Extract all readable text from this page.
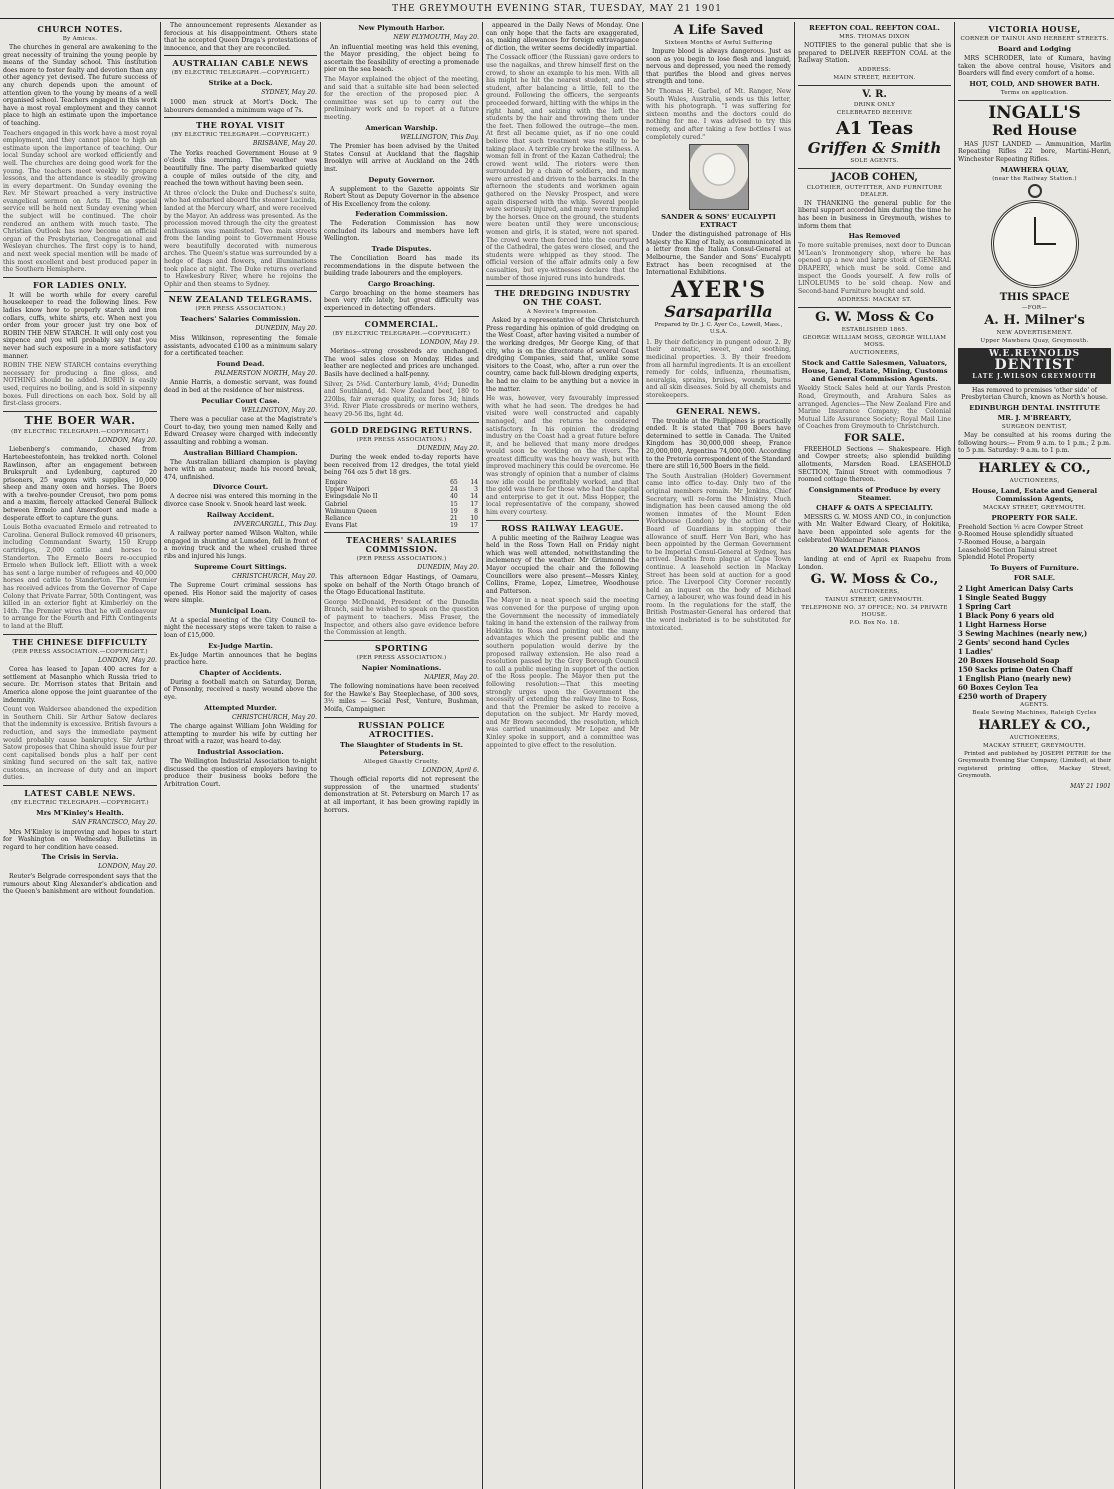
THE GREYMOUTH EVENING STAR, TUESDAY, MAY 21 1901
CHURCH NOTES.
By Amicus.

The churches in general are awakening to the great necessity of training the young people by means of the Sunday school. This institution does more to foster fealty and devotion than any other agency yet devised. The future success of any church depends upon the amount of attention given to the young by means of a well organised school. Teachers engaged in this work have a most royal employment and they cannot place to high an estimate upon the importance of teaching.

Teachers engaged in this work have a most royal employment, and they cannot place to high an estimate upon the importance of teaching. Our local Sunday school are worked efficiently and well. The churches are doing good work for the young. The teachers meet weekly to prepare lessons, and the attendance is steadily growing in every department. On Sunday evening the Rev. Mr Stewart preached a very instructive evangelical sermon on Acts II. The special service will be held next Sunday evening when the subject will be continued. The choir rendered an anthem with much taste. The Christian Outlook has now become an official organ of the Presbyterian, Congregational and Wesleyan churches. The first copy is to hand, and next week special mention will be made of this most excellent and best produced paper in the Southern Hemisphere.

FOR LADIES ONLY.

It will be worth while for every careful housekeeper to read the following lines. Few ladies know how to properly starch and iron collars, cuffs, white shirts, etc. When next you order from your grocer just try one box of ROBIN THE NEW STARCH. It will only cost you sixpence and you will probably say that you never had such exposure in a more satisfactory manner.

ROBIN THE NEW STARCH contains everything necessary for producing a fine gloss, and NOTHING should be added. ROBIN is easily used, requires no boiling, and is sold in sixpenny boxes. Full directions on each box. Sold by all first-class grocers.

THE BOER WAR.
(BY ELECTRIC TELEGRAPH.—COPYRIGHT.)

LONDON, May 20.

Liebenberg's commando, chased from Hartebeestefontein, has trekked north. Colonel Rawlinson, after an engagement between Bruksprult and Lydenburg, captured 20 prisoners, 25 wagons with supplies, 10,000 sheep and many oxen and horses. The Boers with a twelve-pounder Creusot, two pom poms and a maxim, fiercely attacked General Bullock between Ermelo and Amersfoort and made a desperate effort to capture the guns.

Louis Botha evacuated Ermelo and retreated to Carolina. General Bullock removed 40 prisoners, including Commandant Swarty, 150 Krupp cartridges, 2,000 cattle and horses to Standerton. The Ermelo Boers re-occupied Ermelo when Bullock left. Elliott with a week has sent a large number of refugees and 40,000 horses and cattle to Standerton. The Premier has received advices from the Governor of Cape Colony that Private Farrar, 50th Contingent, was killed in an exterior fight at Kimberley on the 14th. The Premier wires that he will endeavour to arrange for the Fourth and Fifth Contingents to land at the Bluff.

THE CHINESE DIFFICULTY
(PER PRESS ASSOCIATION.—COPYRIGHT.)

LONDON, May 20.

Corea has leased to Japan 400 acres for a settlement at Masanpho which Russia tried to secure. Dr. Morrison states that Britain and America alone oppose the joint guarantee of the indemnity.

Count von Waldersee abandoned the expedition in Southern Chili. Sir Arthur Satow declares that the indemnity is excessive. British favours a reduction, and says the immediate payment would probably cause bankruptcy. Sir Arthur Satow proposes that China should issue four per cent capitalised bonds plus a half per cent sinking fund secured on the salt tax, native customs, an increase of duty and an import duties.

LATEST CABLE NEWS.
(BY ELECTRIC TELEGRAPH.—COPYRIGHT.)
Mrs M'Kinley's Health.

SAN FRANCISCO, May 20.

Mrs M'Kinley is improving and hopes to start for Washington on Wednesday. Bulletins in regard to her condition have ceased.

The Crisis in Servia.

LONDON, May 20.

Reuter's Belgrade correspondent says that the rumours about King Alexander's abdication and the Queen's banishment are without foundation.

The announcement represents Alexander as ferocious at his disappointment. Others state that he accepted Queen Draga's protestations of innocence, and that they are reconciled.

AUSTRALIAN CABLE NEWS
(BY ELECTRIC TELEGRAPH.—COPYRIGHT.)
Strike at a Dock.

SYDNEY, May 20.

1000 men struck at Mort's Dock. The labourers demanded a minimum wage of 7s.

THE ROYAL VISIT
(BY ELECTRIC TELEGRAPH.—COPYRIGHT.)

BRISBANE, May 20.

The Yorks reached Government House at 9 o'clock this morning. The weather was beautifully fine. The party disembarked quietly a couple of miles outside of the city, and reached the town without having been seen.

At three o'clock the Duke and Duchess's suite, who had embarked aboard the steamer Lucinda, landed at the Mercury wharf, and were received by the Mayor. An address was presented. As the procession moved through the city the greatest enthusiasm was manifested. Two main streets from the landing point to Government House were beautifully decorated with numerous arches. The Queen's statue was surrounded by a hedge of flags and flowers, and illuminations took place at night. The Duke returns overland to Hawkesbury River, where he rejoins the Ophir and then steams to Sydney.

NEW ZEALAND TELEGRAMS.
(PER PRESS ASSOCIATION.)
Teachers' Salaries Commission.

DUNEDIN, May 20.

Miss Wilkinson, representing the female assistants, advocated £100 as a minimum salary for a certificated teacher.

Found Dead.

PALMERSTON NORTH, May 20.

Annie Harris, a domestic servant, was found dead in bed at the residence of her mistress.

Peculiar Court Case.

WELLINGTON, May 20.

There was a peculiar case at the Magistrate's Court to-day, two young men named Kelly and Edward Creasey were charged with indecently assaulting and robbing a woman.

Australian Billiard Champion.

The Australian billiard champion is playing here with an amateur, made his record break, 474, unfinished.

Divorce Court.

A decree nisi was entered this morning in the divorce case Snook v. Snook heard last week.

Railway Accident.

INVERCARGILL, This Day.

A railway porter named Wilson Walton, while engaged in shunting at Lumsden, fell in front of a moving truck and the wheel crushed three ribs and injured his lungs.

Supreme Court Sittings.

CHRISTCHURCH, May 20.

The Supreme Court criminal sessions has opened. His Honor said the majority of cases were simple.

Municipal Loan.

At a special meeting of the City Council to-night the necessary steps were taken to raise a loan of £15,000.

Ex-Judge Martin.

Ex-Judge Martin announces that he begins practice here.

Chapter of Accidents.

During a football match on Saturday, Doran, of Ponsonby, received a nasty wound above the eye.

Attempted Murder.

CHRISTCHURCH, May 20.

The charge against William John Welding for attempting to murder his wife by cutting her throat with a razor, was heard to-day.

Industrial Association.

The Wellington Industrial Association to-night discussed the question of employers having to produce their business books before the Arbitration Court.

New Plymouth Harbor.

NEW PLYMOUTH, May 20.

An influential meeting was held this evening, the Mayor presiding, the object being to ascertain the feasibility of erecting a promenade pier on the sea beach.

The Mayor explained the object of the meeting, and said that a suitable site had been selected for the erection of the proposed pier. A committee was set up to carry out the preliminary work and to report at a future meeting.

American Warship.

WELLINGTON, This Day.

The Premier has been advised by the United States Consul at Auckland that the flagship Brooklyn will arrive at Auckland on the 24th inst.

Deputy Governor.

A supplement to the Gazette appoints Sir Robert Stout as Deputy Governor in the absence of His Excellency from the colony.

Federation Commission.

The Federation Commission has now concluded its labours and members have left Wellington.

Trade Disputes.

The Conciliation Board has made its recommendations in the dispute between the building trade labourers and the employers.

Cargo Broaching.

Cargo broaching on the home steamers has been very rife lately, but great difficulty was experienced in detecting offenders.

COMMERCIAL.
(BY ELECTRIC TELEGRAPH.—COPYRIGHT.)

LONDON, May 19.

Merinos—strong crossbreds are unchanged. The wool sales close on Monday. Hides and leather are neglected and prices are unchanged. Basils have declined a half-penny.

Silver, 2s 5⅜d. Canterbury lamb, 4½d; Dunedin and Southland, 4d. New Zealand beef, 180 to 220lbs, fair average quality, ox fores 3d; hinds 3½d. River Plate crossbreds or merino wethers, heavy 29-56 lbs, light 4d.

GOLD DREDGING RETURNS.
(PER PRESS ASSOCIATION.)

DUNEDIN, May 20.

During the week ended to-day reports have been received from 12 dredges, the total yield being 764 ozs 5 dwt 18 grs.

Empire	65	14
Upper Waipori	24	3
Ewingsdale No II	40	14
Gabriel	15	17
Waimumu Queen	19	8
Reliance	21	10
Evans Flat	19	17
TEACHERS' SALARIES COMMISSION.
(PER PRESS ASSOCIATION.)

DUNEDIN, May 20.

This afternoon Edgar Hastings, of Oamaru, spoke on behalf of the North Otago branch of the Otago Educational Institute.

George McDonald, President of the Dunedin Branch, said he wished to speak on the question of payment to teachers. Miss Fraser, the Inspector, and others also gave evidence before the Commission at length.

SPORTING
(PER PRESS ASSOCIATION.)
Napier Nominations.

NAPIER, May 20.

The following nominations have been received for the Hawke's Bay Steeplechase, of 300 sovs, 3½ miles — Social Pest, Venture, Bushman, Moifa, Campaigner.

RUSSIAN POLICE ATROCITIES.
The Slaughter of Students in St. Petersburg.
Alleged Ghastly Cruelty.

LONDON, April 6.

Though official reports did not represent the suppression of the unarmed students' demonstration at St. Petersburg on March 17 as at all important, it has been growing rapidly in horrors.

appeared in the Daily News of Monday. One can only hope that the facts are exaggerated, as, making allowances for foreign extravagance of diction, the writer seems decidedly impartial.

The Cossack officer (the Russian) gave orders to use the nagaikas, and threw himself first on the crowd, to show an example to his men. With all his might he hit the nearest student, and the student, after balancing a little, fell to the ground. Following the officers, the sergeants proceeded forward, hitting with the whips in the right hand, and seizing with the left the students by the hair and throwing them under the feet. Then followed the outrage—the men. At first all became quiet, as if no one could believe that such treatment was really to be taking place. A terrible cry broke the stillness. A woman fell in front of the Kazan Cathedral; the crowd went wild. The rioters were then surrounded by a chain of soldiers, and many were arrested and driven to the barracks. In the afternoon the students and workmen again gathered on the Nevsky Prospect, and were again dispersed with the whip. Several people were seriously injured, and many were trampled by the horses. Once on the ground, the students were beaten until they were unconscious; women and girls, it is stated, were not spared. The crowd were then forced into the courtyard of the Cathedral, the gates were closed, and the students were whipped as they stood. The official version of the affair admits only a few casualties, but eye-witnesses declare that the number of those injured runs into hundreds.

THE DREDGING INDUSTRY ON THE COAST.
A Novice's Impression.

Asked by a representative of the Christchurch Press regarding his opinion of gold dredging on the West Coast, after having visited a number of the working dredges, Mr George King, of that city, who is on the directorate of several Coast dredging Companies, said that, unlike some visitors to the Coast, who, after a run over the country, came back full-blown dredging experts, he had no claim to be anything but a novice in the matter.

He was, however, very favourably impressed with what he had seen. The dredges he had visited were well constructed and capably managed, and the returns he considered satisfactory. In his opinion the dredging industry on the Coast had a great future before it, and he believed that many more dredges would soon be working on the rivers. The greatest difficulty was the heavy wash, but with improved machinery this could be overcome. He was strongly of opinion that a number of claims now idle could be profitably worked, and that the gold was there for those who had the capital and enterprise to get it out. Miss Hopper, the local representative of the company, showed him every courtesy.

ROSS RAILWAY LEAGUE.

A public meeting of the Railway League was held in the Ross Town Hall on Friday night which was well attended, notwithstanding the inclemency of the weather. Mr Grimmond the Mayor occupied the chair and the following Councillors were also present—Messrs Kinley, Collins, Frame, Lopez, Limetree, Woodhouse and Patterson.

The Mayor in a neat speech said the meeting was convened for the purpose of urging upon the Government the necessity of immediately taking in hand the extension of the railway from Hokitika to Ross and pointing out the many advantages which the present public and the southern population would derive by the proposed railway extension. He also read a resolution passed by the Grey Borough Council to call a public meeting in support of the action of the Ross people. The Mayor then put the following resolution:—That this meeting strongly urges upon the Government the necessity of extending the railway line to Ross, and that the Premier be asked to receive a deputation on the subject. Mr Hardy moved, and Mr Brown seconded, the resolution, which was carried unanimously. Mr Lopez and Mr Kinley spoke in support, and a committee was appointed to give effect to the resolution.

A Life Saved
Sixteen Months of Awful Suffering

Impure blood is always dangerous. Just as soon as you begin to lose flesh and languid, nervous and depressed, you need the remedy that purifies the blood and gives nerves strength and tone.

Mr Thomas H. Garbel, of Mt. Ranger, New South Wales, Australia, sends us this letter, with his photograph. "I was suffering for sixteen months and the doctors could do nothing for me. I was advised to try this remedy, and after taking a few bottles I was completely cured."

SANDER & SONS' EUCALYPTI EXTRACT

Under the distinguished patronage of His Majesty the King of Italy, as communicated in a letter from the Italian Consul-General at Melbourne, the Sander and Sons' Eucalypti Extract has been recognised at the International Exhibitions.

AYER'S
Sarsaparilla

Prepared by Dr. J. C. Ayer Co., Lowell, Mass., U.S.A.

1. By their deficiency in pungent odour. 2. By their aromatic, sweet, and soothing, medicinal properties. 3. By their freedom from all harmful ingredients. It is an excellent remedy for colds, influenza, rheumatism, neuralgia, sprains, bruises, wounds, burns and all skin diseases. Sold by all chemists and storekeepers.

GENERAL NEWS.

The trouble at the Philippines is practically ended. It is stated that 700 Boers have determined to settle in Canada. The United Kingdom has 30,000,000 sheep, France 20,000,000, Argentina 74,000,000. According to the Pretoria correspondent of the Standard there are still 16,500 Boers in the field.

The South Australian (Holder) Government came into office to-day. Only two of the original members remain. Mr Jenkins, Chief Secretary, will re-form the Ministry. Much indignation has been caused among the old women inmates of the Mount Eden Workhouse (London) by the action of the Board of Guardians in stopping their allowance of snuff. Herr Von Bari, who has been appointed by the German Government to be Imperial Consul-General at Sydney, has arrived. Deaths from plague at Cape Town continue. A leasehold section in Mackay Street has been sold at auction for a good price. The Liverpool City Coroner recently held an inquest on the body of Michael Carney, a labourer, who was found dead in his room. In the regulations for the staff, the British Postmaster-General has ordered that the word inebriated is to be substituted for intoxicated.

REEFTON COAL. REEFTON COAL.
MRS. THOMAS DIXON

NOTIFIES to the general public that she is prepared to DELIVER REEFTON COAL at the Railway Station.

ADDRESS:
MAIN STREET, REEFTON.
V. R.
DRINK ONLY
CELEBRATED BEEHIVE
A1 Teas
Griffen & Smith
SOLE AGENTS.
JACOB COHEN,
CLOTHIER, OUTFITTER, AND FURNITURE DEALER.

IN THANKING the general public for the liberal support accorded him during the time he has been in business in Greymouth, wishes to inform them that

Has Removed

To more suitable premises, next door to Duncan M'Lean's Ironmongery shop, where he has opened up a new and large stock of GENERAL DRAPERY, which must be sold. Come and inspect the Goods yourself. A few rolls of LINOLEUMS to be sold cheap. New and Second-hand Furniture bought and sold.

ADDRESS: MACKAY ST.
G. W. Moss & Co
ESTABLISHED 1865.
GEORGE WILLIAM MOSS, GEORGE WILLIAM MOSS.
AUCTIONEERS,
Stock and Cattle Salesmen, Valuators, House, Land, Estate, Mining, Customs and General Commission Agents.

Weekly Stock Sales held at our Yards Preston Road, Greymouth, and Arahura Sales as arranged. Agencies—The New Zealand Fire and Marine Insurance Company; the Colonial Mutual Life Assurance Society; Royal Mail Line of Coaches from Greymouth to Christchurch.

FOR SALE.

FREEHOLD Sections — Shakespeare. High and Cowper streets; also splendid building allotments, Marsden Road. LEASEHOLD SECTION, Tainui Street with commodious 7 roomed cottage thereon.

Consignments of Produce by every Steamer.
CHAFF & OATS A SPECIALITY.

MESSRS G. W. MOSS AND CO., in conjunction with Mr. Walter Edward Cleary, of Hokitika, have been appointed sole agents for the celebrated Waldemar Pianos.

20 WALDEMAR PIANOS

landing at end of April ex Ruapehu from London.

G. W. Moss & Co.,
AUCTIONEERS,
TAINUI STREET, GREYMOUTH.
TELEPHONE NO. 37 OFFICE; NO. 34 PRIVATE HOUSE.
P.O. Box No. 18.
VICTORIA HOUSE,
CORNER OF TAINUI AND HERBERT STREETS.
Board and Lodging

MRS SCHRODER, late of Kumara, having taken the above central house, Visitors and Boarders will find every comfort of a home.

HOT, COLD, AND SHOWER BATH.
Terms on application.
INGALL'S
Red House

HAS JUST LANDED — Ammunition, Marlin Repeating Rifles 22 bore, Martini-Henri, Winchester Repeating Rifles.

MAWHERA QUAY,
(near the Railway Station.)
THIS SPACE
—FOR—
A. H. Milner's
NEW ADVERTISEMENT.
Upper Mawhera Quay, Greymouth.
W.E.REYNOLDS
DENTIST
LATE J.WILSON GREYMOUTH

Has removed to premises 'other side' of Presbyterian Church, known as North's house.

EDINBURGH DENTAL INSTITUTE
MR. J. M'BREARTY,
SURGEON DENTIST,

May be consulted at his rooms during the following hours:— From 9 a.m. to 1 p.m.; 2 p.m. to 5 p.m. Saturday: 9 a.m. to 1 p.m.

HARLEY & CO.,
AUCTIONEERS,
House, Land, Estate and General Commission Agents,
MACKAY STREET, GREYMOUTH.
PROPERTY FOR SALE.
Freehold Section ½ acre Cowper Street
9-Roomed House splendidly situated
7-Roomed House, a bargain
Leasehold Section Tainui street
Splendid Hotel Property
To Buyers of Furniture.
FOR SALE.
2 Light American Daisy Carts
1 Single Seated Buggy
1 Spring Cart
1 Black Pony 6 years old
1 Light Harness Horse
3 Sewing Machines (nearly new,)
2 Gents' second hand Cycles
1 Ladies'
20 Boxes Household Soap
150 Sacks prime Oaten Chaff
1 English Piano (nearly new)
60 Boxes Ceylon Tea
£250 worth of Drapery
AGENTS.
Beale Sewing Machines, Raleigh Cycles
HARLEY & CO.,
AUCTIONEERS,
MACKAY STREET, GREYMOUTH.

Printed and published by JOSEPH PETRIE for the Greymouth Evening Star Company, (Limited), at their registered printing office, Mackay Street, Greymouth.

MAY 21 1901
